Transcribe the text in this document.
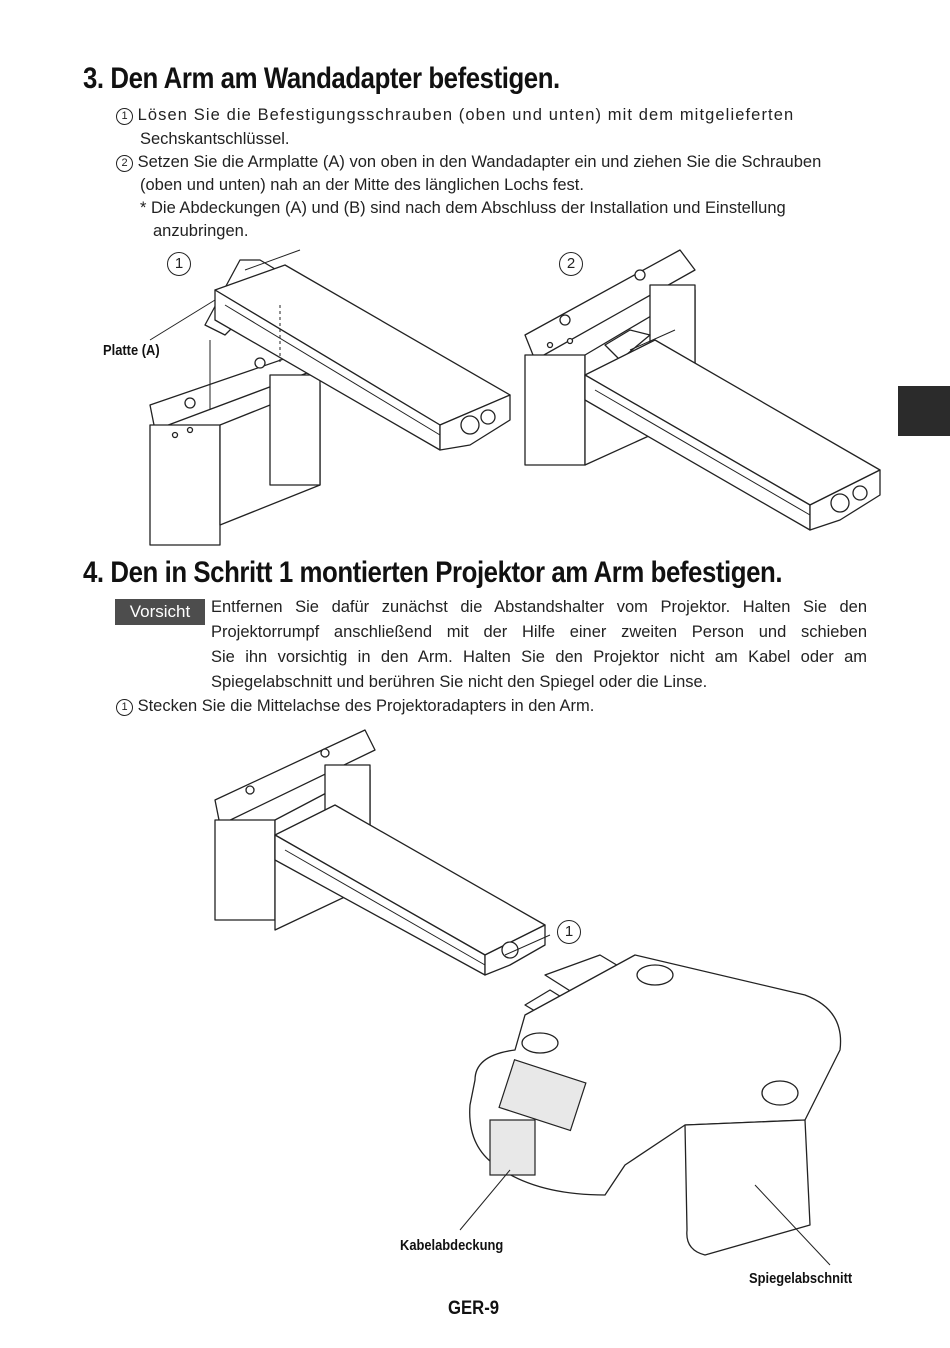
3. Den Arm am Wandadapter befestigen.
1 Lösen Sie die Befestigungsschrauben (oben und unten) mit dem mitgelieferten
Sechskantschlüssel.
2 Setzen Sie die Armplatte (A) von oben in den Wandadapter ein und ziehen Sie die Schrauben
(oben und unten) nah an der Mitte des länglichen Lochs fest.
* Die Abdeckungen (A) und (B) sind nach dem Abschluss der Installation und Einstellung
anzubringen.
1	2
Platte (A)
4. Den in Schritt 1 montierten Projektor am Arm befestigen.
Vorsicht	Entfernen Sie dafür zunächst die Abstandshalter vom Projektor. Halten Sie den
Projektorrumpf anschließend mit der Hilfe einer zweiten Person und schieben
Sie ihn vorsichtig in den Arm. Halten Sie den Projektor nicht am Kabel oder am
Spiegelabschnitt und berühren Sie nicht den Spiegel oder die Linse.
1 Stecken Sie die Mittelachse des Projektoradapters in den Arm.
1
Kabelabdeckung
Spiegelabschnitt
GER-9
